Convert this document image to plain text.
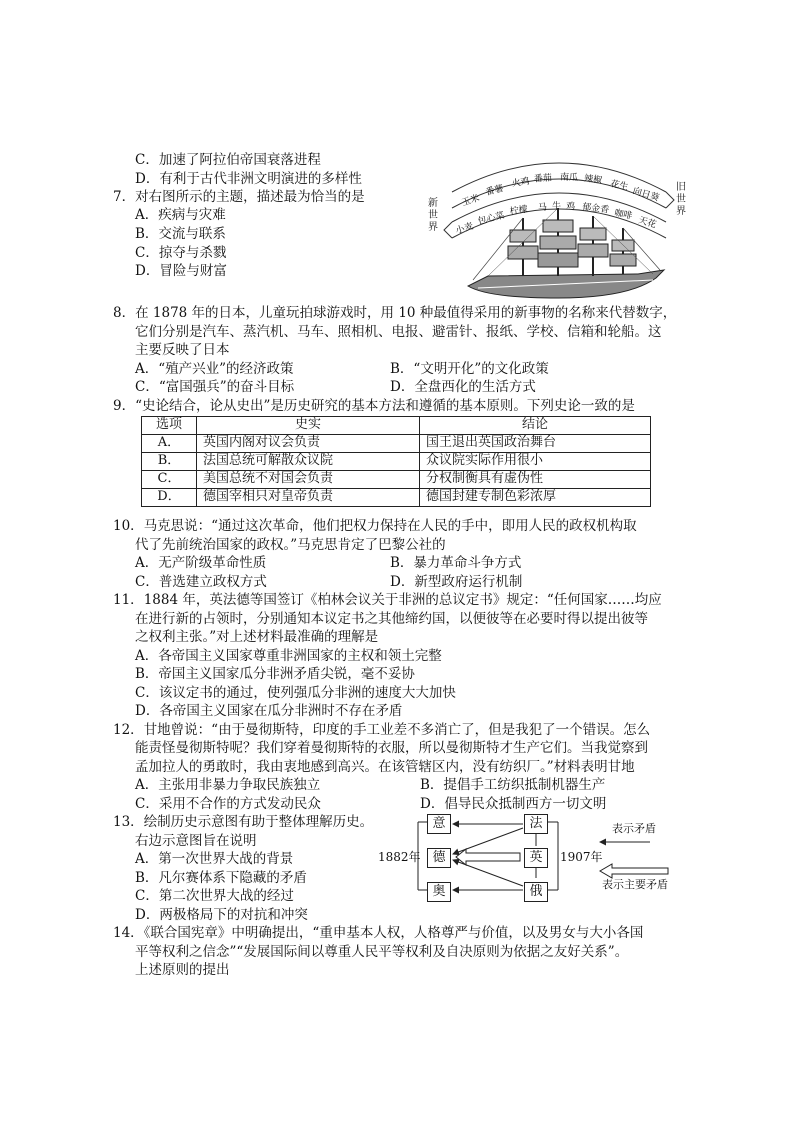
C．加速了阿拉伯帝国衰落进程
D．有利于古代非洲文明演进的多样性
7．对右图所示的主题，描述最为恰当的是
A．疾病与灾难
B．交流与联系
C．掠夺与杀戮
D．冒险与财富
新世界
旧世界
玉米
番薯
火鸡 番茄 南瓜 辣椒 花生
向日葵
小麦
包心菜 柠檬 马 牛 鸡 郁金香 咖啡
天花
8．在 1878 年的日本，儿童玩拍球游戏时，用 10 种最值得采用的新事物的名称来代替数字，
它们分别是汽车、蒸汽机、马车、照相机、电报、避雷针、报纸、学校、信箱和轮船。这
主要反映了日本
A．“殖产兴业”的经济政策	B．“文明开化”的文化政策
C．“富国强兵”的奋斗目标	D．全盘西化的生活方式
9．“史论结合，论从史出”是历史研究的基本方法和遵循的基本原则。下列史论一致的是
选项	史实	结论
A．	英国内阁对议会负责	国王退出英国政治舞台
B．	法国总统可解散众议院	众议院实际作用很小
C．	美国总统不对国会负责	分权制衡具有虚伪性
D．	德国宰相只对皇帝负责	德国封建专制色彩浓厚
10．马克思说：“通过这次革命，他们把权力保持在人民的手中，即用人民的政权机构取
代了先前统治国家的政权。”马克思肯定了巴黎公社的
A．无产阶级革命性质	B．暴力革命斗争方式
C．普选建立政权方式	D．新型政府运行机制
11．1884 年，英法德等国签订《柏林会议关于非洲的总议定书》规定：“任何国家……均应
在进行新的占领时，分别通知本议定书之其他缔约国，以便彼等在必要时得以提出彼等
之权利主张。”对上述材料最准确的理解是
A．各帝国主义国家尊重非洲国家的主权和领土完整
B．帝国主义国家瓜分非洲矛盾尖锐，毫不妥协
C．该议定书的通过，使列强瓜分非洲的速度大大加快
D．各帝国主义国家在瓜分非洲时不存在矛盾
12．甘地曾说：“由于曼彻斯特，印度的手工业差不多消亡了，但是我犯了一个错误。怎么
能责怪曼彻斯特呢？我们穿着曼彻斯特的衣服，所以曼彻斯特才生产它们。当我觉察到
孟加拉人的勇敢时，我由衷地感到高兴。在该管辖区内，没有纺织厂。”材料表明甘地
A．主张用非暴力争取民族独立	B．提倡手工纺织抵制机器生产
C．采用不合作的方式发动民众	D．倡导民众抵制西方一切文明
13．绘制历史示意图有助于整体理解历史。
右边示意图旨在说明
A．第一次世界大战的背景
B．凡尔赛体系下隐藏的矛盾
C．第二次世界大战的经过
D．两极格局下的对抗和冲突
1882年	1907年
意
德
奥
法
英
俄
表示矛盾
表示主要矛盾
14．《联合国宪章》中明确提出，“重申基本人权，人格尊严与价值，以及男女与大小各国
平等权利之信念”“发展国际间以尊重人民平等权利及自决原则为依据之友好关系”。
上述原则的提出
